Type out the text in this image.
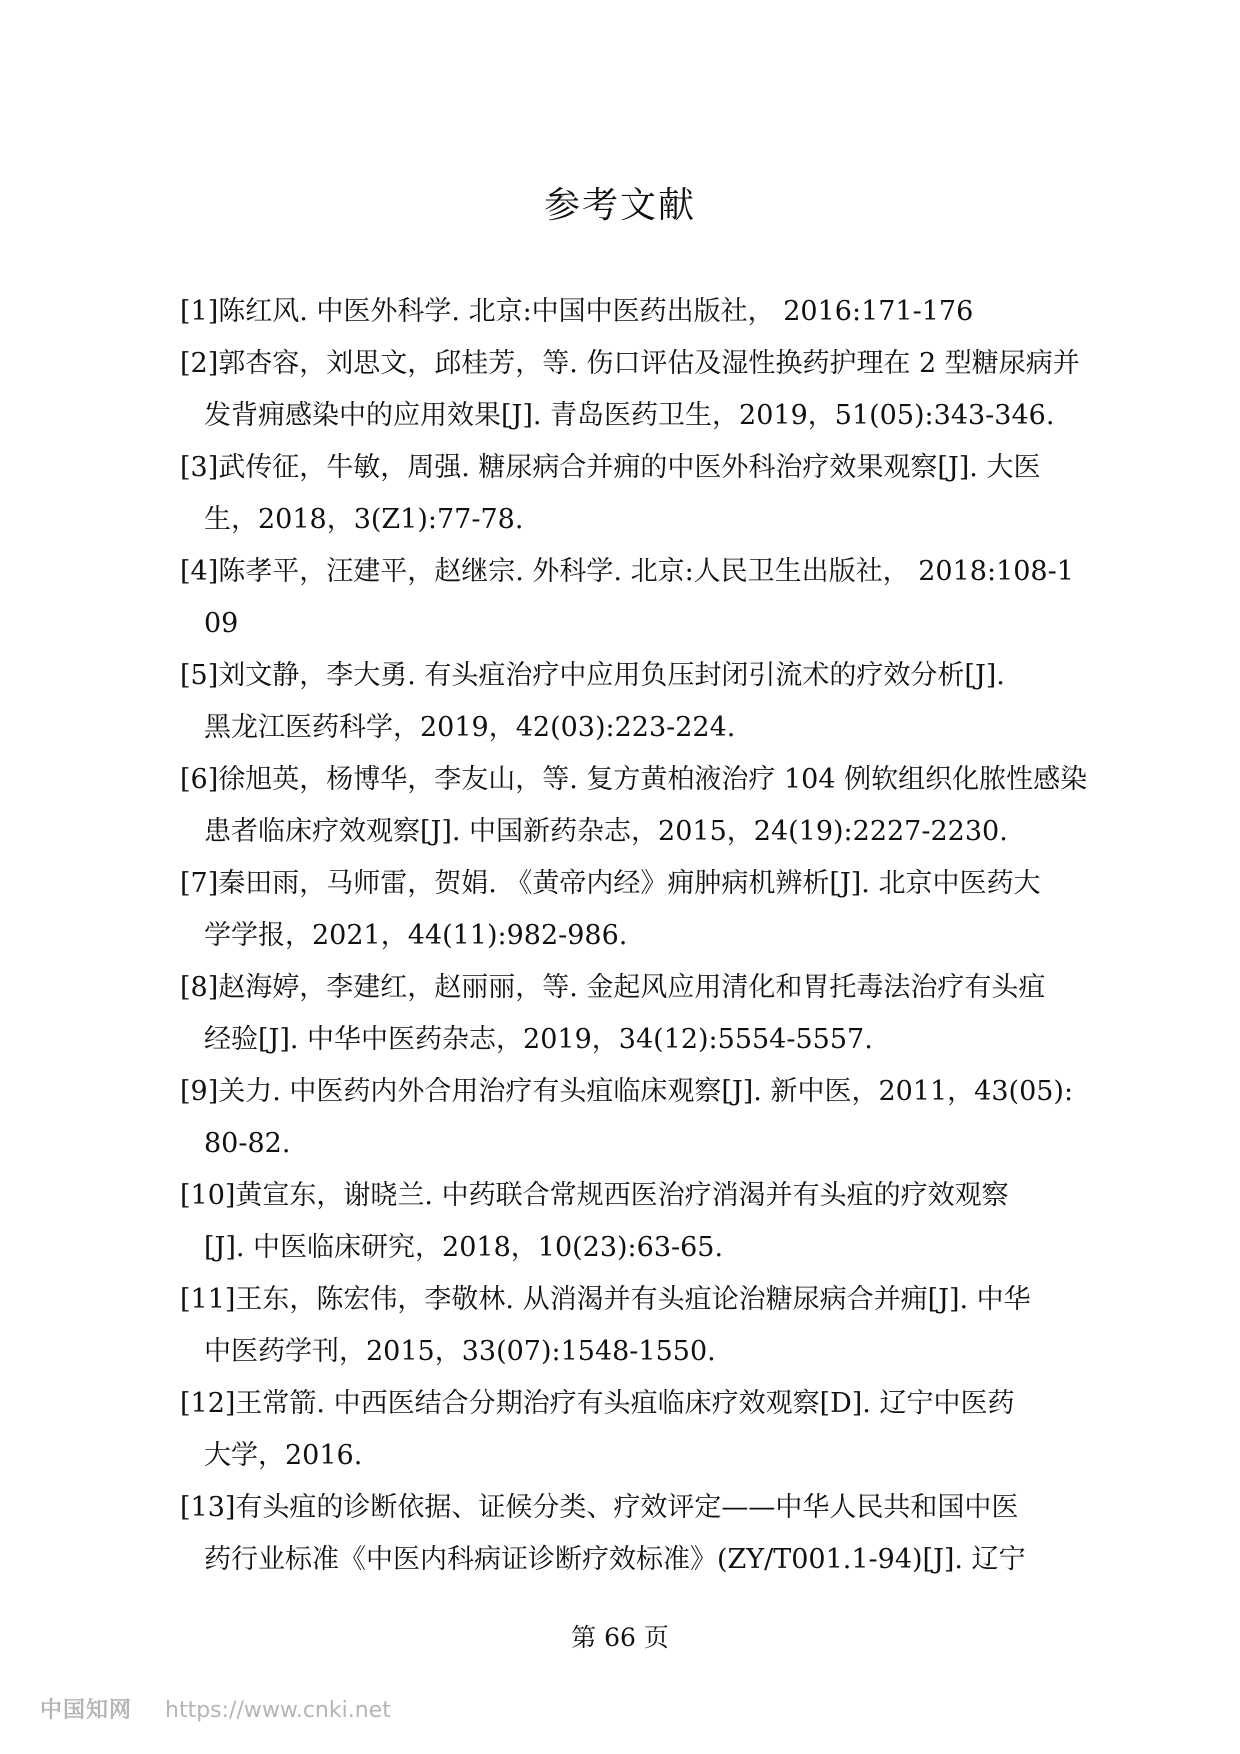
参考文献
[1]陈红风. 中医外科学. 北京:中国中医药出版社， 2016:171-176
[2]郭杏容，刘思文，邱桂芳，等. 伤口评估及湿性换药护理在 2 型糖尿病并
发背痈感染中的应用效果[J]. 青岛医药卫生，2019，51(05):343-346.
[3]武传征，牛敏，周强. 糖尿病合并痈的中医外科治疗效果观察[J]. 大医
生，2018，3(Z1):77-78.
[4]陈孝平，汪建平，赵继宗. 外科学. 北京:人民卫生出版社， 2018:108-1
09
[5]刘文静，李大勇. 有头疽治疗中应用负压封闭引流术的疗效分析[J].
黑龙江医药科学，2019，42(03):223-224.
[6]徐旭英，杨博华，李友山，等. 复方黄柏液治疗 104 例软组织化脓性感染
患者临床疗效观察[J]. 中国新药杂志，2015，24(19):2227-2230.
[7]秦田雨，马师雷，贺娟. 《黄帝内经》痈肿病机辨析[J]. 北京中医药大
学学报，2021，44(11):982-986.
[8]赵海婷，李建红，赵丽丽，等. 金起风应用清化和胃托毒法治疗有头疽
经验[J]. 中华中医药杂志，2019，34(12):5554-5557.
[9]关力. 中医药内外合用治疗有头疽临床观察[J]. 新中医，2011，43(05):
80-82.
[10]黄宣东，谢晓兰. 中药联合常规西医治疗消渴并有头疽的疗效观察
[J]. 中医临床研究，2018，10(23):63-65.
[11]王东，陈宏伟，李敬林. 从消渴并有头疽论治糖尿病合并痈[J]. 中华
中医药学刊，2015，33(07):1548-1550.
[12]王常箭. 中西医结合分期治疗有头疽临床疗效观察[D]. 辽宁中医药
大学，2016.
[13]有头疽的诊断依据、证候分类、疗效评定——中华人民共和国中医
药行业标准《中医内科病证诊断疗效标准》(ZY/T001.1-94)[J]. 辽宁
第 66 页
中国知网 https://www.cnki.net
